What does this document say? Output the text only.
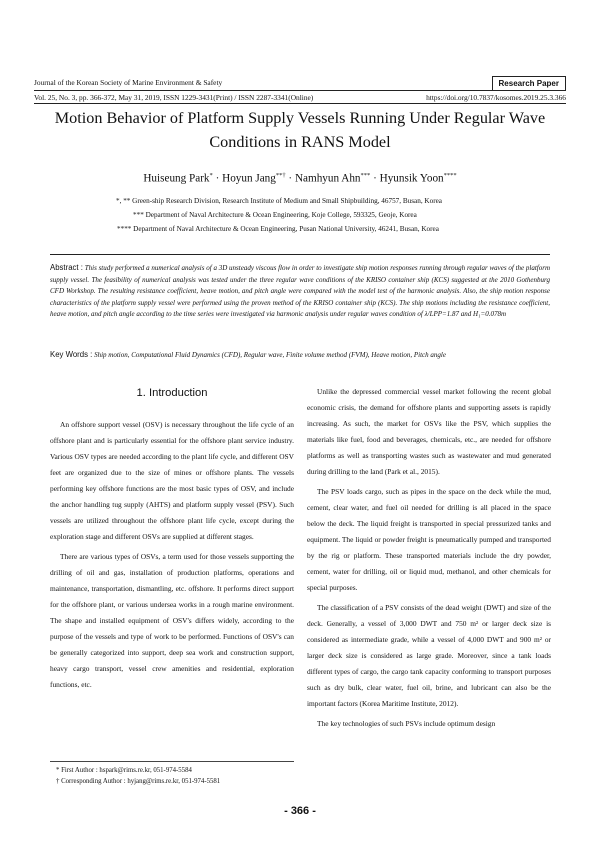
Journal of the Korean Society of Marine Environment & Safety	Research Paper
Vol. 25, No. 3, pp. 366-372, May 31, 2019, ISSN 1229-3431(Print) / ISSN 2287-3341(Online)	https://doi.org/10.7837/kosomes.2019.25.3.366
Motion Behavior of Platform Supply Vessels Running Under Regular Wave
Conditions in RANS Model
Huiseung Park* · Hoyun Jang**† · Namhyun Ahn*** · Hyunsik Yoon****
*, ** Green-ship Research Division, Research Institute of Medium and Small Shipbuilding, 46757, Busan, Korea
*** Department of Naval Architecture & Ocean Engineering, Koje College, 593325, Geoje, Korea
**** Department of Naval Architecture & Ocean Engineering, Pusan National University, 46241, Busan, Korea
Abstract : This study performed a numerical analysis of a 3D unsteady viscous flow in order to investigate ship motion responses running through regular waves of the platform supply vessel. The feasibility of numerical analysis was tested under the three regular wave conditions of the KRISO container ship (KCS) suggested at the 2010 Gothenburg CFD Workshop. The resulting resistance coefficient, heave motion, and pitch angle were compared with the model test of the harmonic analysis. Also, the ship motion response characteristics of the platform supply vessel were performed using the proven method of the KRISO container ship (KCS). The ship motions including the resistance coefficient, heave motion, and pitch angle according to the time series were investigated via harmonic analysis under regular waves condition of λ/LPP=1.87 and H₁=0.078m
Key Words : Ship motion, Computational Fluid Dynamics (CFD), Regular wave, Finite volume method (FVM), Heave motion, Pitch angle
1. Introduction

An offshore support vessel (OSV) is necessary throughout the life cycle of an offshore plant and is particularly essential for the offshore plant service industry. Various OSV types are needed according to the plant life cycle, and different OSV feet are organized due to the size of mines or offshore plants. The vessels performing key offshore functions are the most basic types of OSV, and include the anchor handling tug supply (AHTS) and platform supply vessel (PSV). Such vessels are utilized throughout the offshore plant life cycle, except during the exploration stage and different OSVs are supplied at different stages.

There are various types of OSVs, a term used for those vessels supporting the drilling of oil and gas, installation of production platforms, operations and maintenance, transportation, dismantling, etc. offshore. It performs direct support for the offshore plant, or various undersea works in a rough marine environment. The shape and installed equipment of OSV's differs widely, according to the purpose of the vessels and type of work to be performed. Functions of OSV's can be generally categorized into support, deep sea work and construction support, heavy cargo transport, vessel crew amenities and residential, exploration functions, etc.

Unlike the depressed commercial vessel market following the recent global economic crisis, the demand for offshore plants and supporting assets is rapidly increasing. As such, the market for OSVs like the PSV, which supplies the materials like fuel, food and beverages, chemicals, etc., are needed for offshore platforms as well as transporting wastes such as wastewater and mud generated during drilling to the land (Park et al., 2015).

The PSV loads cargo, such as pipes in the space on the deck while the mud, cement, clear water, and fuel oil needed for drilling is all placed in the space below the deck. The liquid freight is transported in special pressurized tanks and equipment. The liquid or powder freight is pneumatically pumped and transported by the rig or platform. These transported materials include the dry powder, cement, water for drilling, oil or liquid mud, methanol, and other chemicals for special purposes.

The classification of a PSV consists of the dead weight (DWT) and size of the deck. Generally, a vessel of 3,000 DWT and 750 m² or larger deck size is considered as intermediate grade, while a vessel of 4,000 DWT and 900 m² or larger deck size is considered as large grade. Moreover, since a tank loads different types of cargo, the cargo tank capacity conforming to transport purposes such as dry bulk, clear water, fuel oil, brine, and lubricant can also be the important factors (Korea Maritime Institute, 2012).

The key technologies of such PSVs include optimum design

* First Author : hspark@rims.re.kr, 051-974-5584
† Corresponding Author : hyjang@rims.re.kr, 051-974-5581
- 366 -
